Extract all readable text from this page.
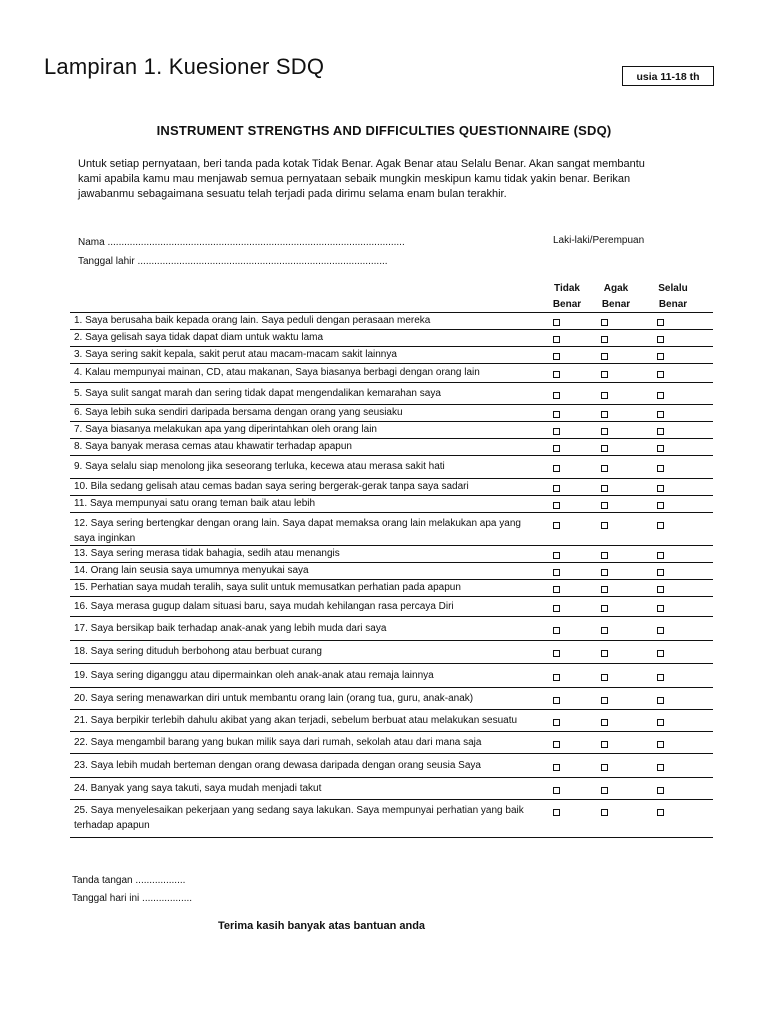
Lampiran 1. Kuesioner SDQ	usia 11-18 th
INSTRUMENT STRENGTHS AND DIFFICULTIES QUESTIONNAIRE (SDQ)
Untuk setiap pernyataan, beri tanda pada kotak Tidak Benar. Agak Benar atau Selalu Benar. Akan sangat membantu kami apabila kamu mau menjawab semua pernyataan sebaik mungkin meskipun kamu tidak yakin benar. Berikan jawabanmu sebagaimana sesuatu telah terjadi pada dirimu selama enam bulan terakhir.
Nama ...........................................................................................................
Tanggal lahir ..........................................................................................
Laki-laki/Perempuan
Tidak Benar
Agak Benar
Selalu Benar
1. Saya berusaha baik kepada orang lain. Saya peduli dengan perasaan mereka
2. Saya gelisah saya tidak dapat diam untuk waktu lama
3. Saya sering sakit kepala, sakit perut atau macam-macam sakit lainnya
4. Kalau mempunyai mainan, CD, atau makanan, Saya biasanya berbagi dengan orang lain
5. Saya sulit sangat marah dan sering tidak dapat mengendalikan kemarahan saya
6. Saya lebih suka sendiri daripada bersama dengan orang yang seusiaku
7. Saya biasanya melakukan apa yang diperintahkan oleh orang lain
8. Saya banyak merasa cemas atau khawatir terhadap apapun
9. Saya selalu siap menolong jika seseorang terluka, kecewa atau merasa sakit hati
10. Bila sedang gelisah atau cemas badan saya sering bergerak-gerak tanpa saya sadari
11. Saya mempunyai satu orang teman baik atau lebih
12. Saya sering bertengkar dengan orang lain. Saya dapat memaksa orang lain melakukan apa yang saya inginkan
13. Saya sering merasa tidak bahagia, sedih atau menangis
14. Orang lain seusia saya umumnya menyukai saya
15. Perhatian saya mudah teralih, saya sulit untuk memusatkan perhatian pada apapun
16. Saya merasa gugup dalam situasi baru, saya mudah kehilangan rasa percaya Diri
17. Saya bersikap baik terhadap anak-anak yang lebih muda dari saya
18. Saya sering dituduh berbohong atau berbuat curang
19. Saya sering diganggu atau dipermainkan oleh anak-anak atau remaja lainnya
20. Saya sering menawarkan diri untuk membantu orang lain (orang tua, guru, anak-anak)
21. Saya berpikir terlebih dahulu akibat yang akan terjadi, sebelum berbuat atau melakukan sesuatu
22. Saya mengambil barang yang bukan milik saya dari rumah, sekolah atau dari mana saja
23. Saya lebih mudah berteman dengan orang dewasa daripada dengan orang seusia Saya
24. Banyak yang saya takuti, saya mudah menjadi takut
25. Saya menyelesaikan pekerjaan yang sedang saya lakukan. Saya mempunyai perhatian yang baik terhadap apapun
Tanda tangan ..................
Tanggal hari ini ..................
Terima kasih banyak atas bantuan anda
